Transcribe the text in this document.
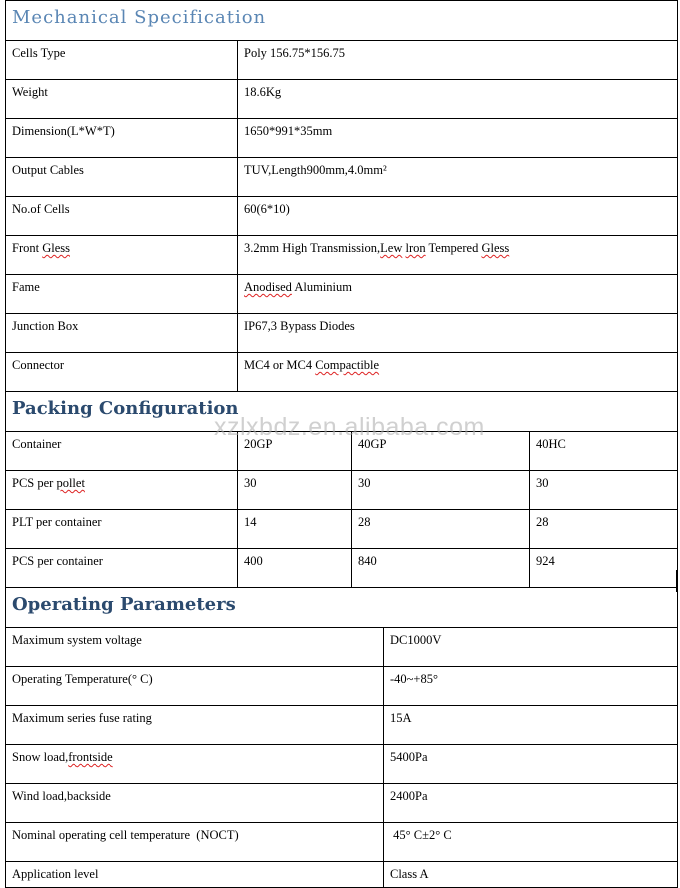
Mechanical Specification				
Cells Type	Poly 156.75*156.75			
Weight	18.6Kg			
Dimension(L*W*T)	1650*991*35mm			
Output Cables	TUV,Length900mm,4.0mm²			
No.of Cells	60(6*10)			
Front Gless	3.2mm High Transmission,Lew lron Tempered Gless			
Fame	Anodised Aluminium			
Junction Box	IP67,3 Bypass Diodes			
Connector	MC4 or MC4 Compactible			
Packing Configuration				
Container	20GP	40GP		40HC
PCS per pollet	30	30		30
PLT per container	14	28		28
PCS per container	400	840		924
Operating Parameters				
Maximum system voltage			DC1000V	
Operating Temperature(° C)			-40~+85°	
Maximum series fuse rating			15A	
Snow load,frontside			5400Pa	
Wind load,backside			2400Pa	
Nominal operating cell temperature  (NOCT)			45° C±2° C	
Application level			Class A	
xzlxbdz.en.alibaba.com
